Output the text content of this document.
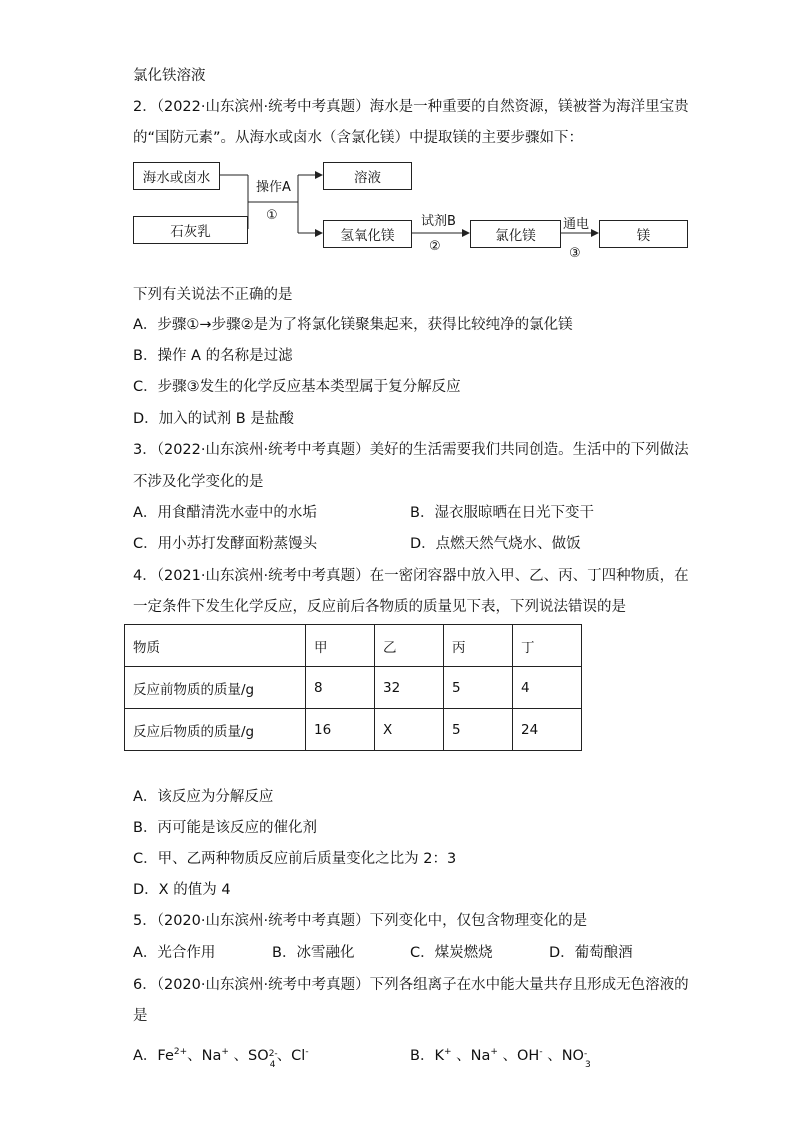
氯化铁溶液
2．（2022·山东滨州·统考中考真题）海水是一种重要的自然资源，镁被誉为海洋里宝贵
的“国防元素”。从海水或卤水（含氯化镁）中提取镁的主要步骤如下：
海水或卤水
石灰乳
操作A
①
溶液
氢氧化镁
试剂B
②
氯化镁
通电
③
镁
下列有关说法不正确的是
A．步骤①→步骤②是为了将氯化镁聚集起来，获得比较纯净的氯化镁
B．操作 A 的名称是过滤
C．步骤③发生的化学反应基本类型属于复分解反应
D．加入的试剂 B 是盐酸
3．（2022·山东滨州·统考中考真题）美好的生活需要我们共同创造。生活中的下列做法
不涉及化学变化的是
A．用食醋清洗水壶中的水垢	B．湿衣服晾晒在日光下变干
C．用小苏打发酵面粉蒸馒头	D．点燃天然气烧水、做饭
4．（2021·山东滨州·统考中考真题）在一密闭容器中放入甲、乙、丙、丁四种物质，在
一定条件下发生化学反应，反应前后各物质的质量见下表，下列说法错误的是
物质	甲	乙	丙	丁
反应前物质的质量/g	8	32	5	4
反应后物质的质量/g	16	X	5	24
A．该反应为分解反应
B．丙可能是该反应的催化剂
C．甲、乙两种物质反应前后质量变化之比为 2：3
D．X 的值为 4
5．（2020·山东滨州·统考中考真题）下列变化中，仅包含物理变化的是
A．光合作用	B．冰雪融化	C．煤炭燃烧	D．葡萄酿酒
6．（2020·山东滨州·统考中考真题）下列各组离子在水中能大量共存且形成无色溶液的
是
A．$Fe^{2+}$、Na+ 、SO 2-
4
、Cl-	B．K+ 、Na+ 、OH- 、NO -
3
